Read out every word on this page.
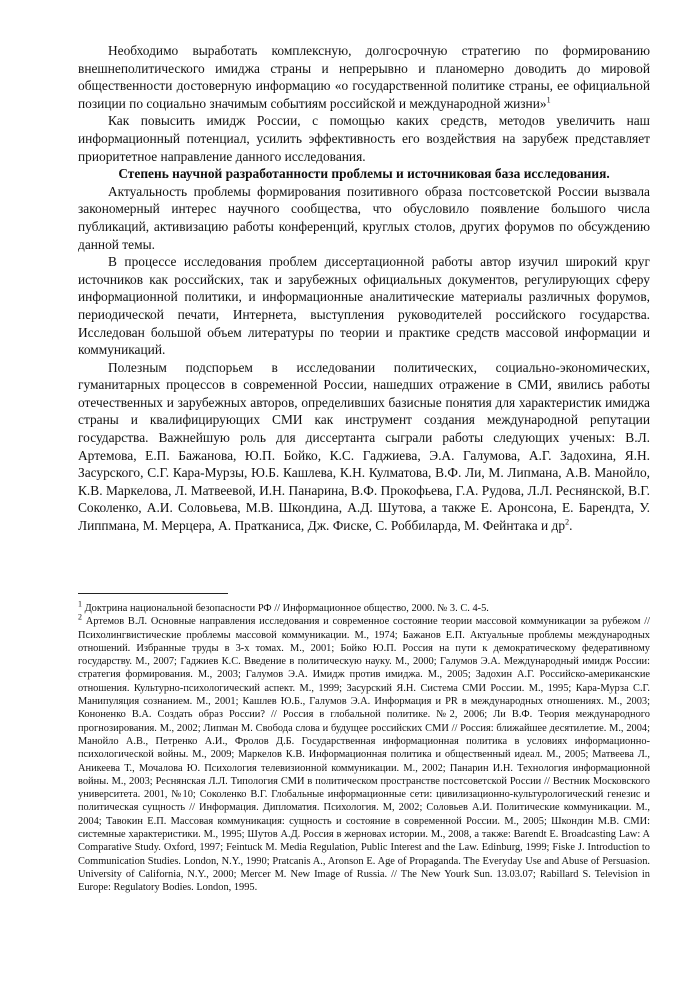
Необходимо выработать комплексную, долгосрочную стратегию по формированию внешнеполитического имиджа страны и непрерывно и планомерно доводить до мировой общественности достоверную информацию «о государственной политике страны, ее официальной позиции по социально значимым событиям российской и международной жизни»$^1$

Как повысить имидж России, с помощью каких средств, методов увеличить наш информационный потенциал, усилить эффективность его воздействия на зарубеж представляет приоритетное направление данного исследования.

Степень научной разработанности проблемы и источниковая база исследования.

Актуальность проблемы формирования позитивного образа постсоветской России вызвала закономерный интерес научного сообщества, что обусловило появление большого числа публикаций, активизацию работы конференций, круглых столов, других форумов по обсуждению данной темы.

В процессе исследования проблем диссертационной работы автор изучил широкий круг источников как российских, так и зарубежных официальных документов, регулирующих сферу информационной политики, и информационные аналитические материалы различных форумов, периодической печати, Интернета, выступления руководителей российского государства. Исследован большой объем литературы по теории и практике средств массовой информации и коммуникаций.

Полезным подспорьем в исследовании политических, социально-экономических, гуманитарных процессов в современной России, нашедших отражение в СМИ, явились работы отечественных и зарубежных авторов, определивших базисные понятия для характеристик имиджа страны и квалифицирующих СМИ как инструмент создания международной репутации государства. Важнейшую роль для диссертанта сыграли работы следующих ученых: В.Л. Артемова, Е.П. Бажанова, Ю.П. Бойко, К.С. Гаджиева, Э.А. Галумова, А.Г. Задохина, Я.Н. Засурского, С.Г. Кара-Мурзы, Ю.Б. Кашлева, К.Н. Кулматова, В.Ф. Ли, М. Липмана, А.В. Манойло, К.В. Маркелова, Л. Матвеевой, И.Н. Панарина, В.Ф. Прокофьева, Г.А. Рудова, Л.Л. Реснянской, В.Г. Соколенко, А.И. Соловьева, М.В. Шкондина, А.Д. Шутова, а также Е. Аронсона, Е. Барендта, У. Липпмана, М. Мерцера, А. Пратканиса, Дж. Фиске, С. Роббиларда, М. Фейнтака и $др^2$.

$^1$ Доктрина национальной безопасности РФ // Информационное общество, 2000. № 3. С. 4-5.

$^2$ Артемов В.Л. Основные направления исследования и современное состояние теории массовой коммуникации за рубежом // Психолингвистические проблемы массовой коммуникации. М., 1974; Бажанов Е.П. Актуальные проблемы международных отношений. Избранные труды в 3-х томах. М., 2001; Бойко Ю.П. Россия на пути к демократическому федеративному государству. М., 2007; Гаджиев К.С. Введение в политическую науку. М., 2000; Галумов Э.А. Международный имидж России: стратегия формирования. М., 2003; Галумов Э.А. Имидж против имиджа. М., 2005; Задохин А.Г. Российско-американские отношения. Культурно-психологический аспект. М., 1999; Засурский Я.Н. Система СМИ России. М., 1995; Кара-Мурза С.Г. Манипуляция сознанием. М., 2001; Кашлев Ю.Б., Галумов Э.А. Информация и PR в международных отношениях. М., 2003; Кононенко В.А. Создать образ России? // Россия в глобальной политике. №2, 2006; Ли В.Ф. Теория международного прогнозирования. М., 2002; Липман М. Свобода слова и будущее российских СМИ // Россия: ближайшее десятилетие. М., 2004; Манойло А.В., Петренко А.И., Фролов Д.Б. Государственная информационная политика в условиях информационно-психологической войны. М., 2009; Маркелов К.В. Информационная политика и общественный идеал. М., 2005; Матвеева Л., Аникеева Т., Мочалова Ю. Психология телевизионной коммуникации. М., 2002; Панарин И.Н. Технология информационной войны. М., 2003; Реснянская Л.Л. Типология СМИ в политическом пространстве постсоветской России // Вестник Московского университета. 2001, №10; Соколенко В.Г. Глобальные информационные сети: цивилизационно-культурологический генезис и политическая сущность // Информация. Дипломатия. Психология. М, 2002; Соловьев А.И. Политические коммуникации. М., 2004; Тавокин Е.П. Массовая коммуникация: сущность и состояние в современной России. М., 2005; Шкондин М.В. СМИ: системные характеристики. М., 1995; Шутов А.Д. Россия в жерновах истории. М., 2008, а также: Barendt E. Broadcasting Law: A Comparative Study. Oxford, 1997; Feintuck M. Media Regulation, Public Interest and the Law. Edinburg, 1999; Fiske J. Introduction to Communication Studies. London, N.Y., 1990; Pratcanis A., Aronson E. Age of Propaganda. The Everyday Use and Abuse of Persuasion. University of California, N.Y., 2000; Mercer M. New Image of Russia. // The New Yourk Sun. 13.03.07; Rabillard S. Television in Europe: Regulatory Bodies. London, 1995.
